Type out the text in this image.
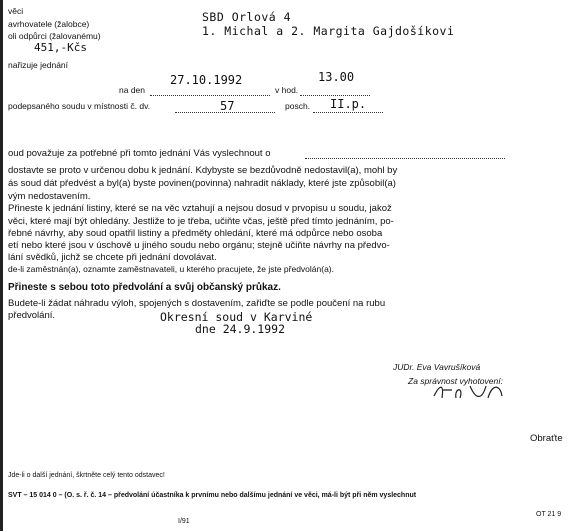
věci
avrhovatele (žalobce)
oli odpůrci (žalovanému)
451,-Kčs
nařizuje jednání
SBD Orlová 4
1. Michal a 2. Margita Gajdošíkovi
na den
27.10.1992
v hod.
13.00
podepsaného soudu v místnosti č. dv.	57	posch. II.p.
oud považuje za potřebné při tomto jednání Vás vyslechnout o
dostavte se proto v určenou dobu k jednání. Kdybyste se bezdůvodně nedostavil(a), mohl by
ás soud dát předvést a byl(a) byste povinen(povinna) nahradit náklady, které jste způsobil(a)
vým nedostavením.
Přineste k jednání listiny, které se na věc vztahují a nejsou dosud v prvopisu u soudu, jakož
věci, které mají být ohledány. Jestliže to je třeba, učiňte včas, ještě před tímto jednáním, po-
řebné návrhy, aby soud opatřil listiny a předměty ohledání, které má odpůrce nebo osoba
etí nebo které jsou v úschově u jiného soudu nebo orgánu; stejně učiňte návrhy na předvo-
lání svědků, jichž se chcete při jednání dovolávat.
de-li zaměstnán(a), oznamte zaměstnavateli, u kterého pracujete, že jste předvolán(a).
Přineste s sebou toto předvolání a svůj občanský průkaz.
Budete-li žádat náhradu výloh, spojených s dostavením, zařiďte se podle poučení na rubu
předvolání.	Okresní soud v Karviné
dne 24.9.1992
JUDr. Eva Vavrušíková
Za správnost vyhotovení:
Obraťte
Jde-li o další jednání, škrtněte celý tento odstavec!
SVT – 15 014 0 – (O. s. ř. č. 14 – předvolání účastníka k prvnímu nebo dalšímu jednání ve věci, má-li být při něm vyslechnut
I/91
OT 21 9
